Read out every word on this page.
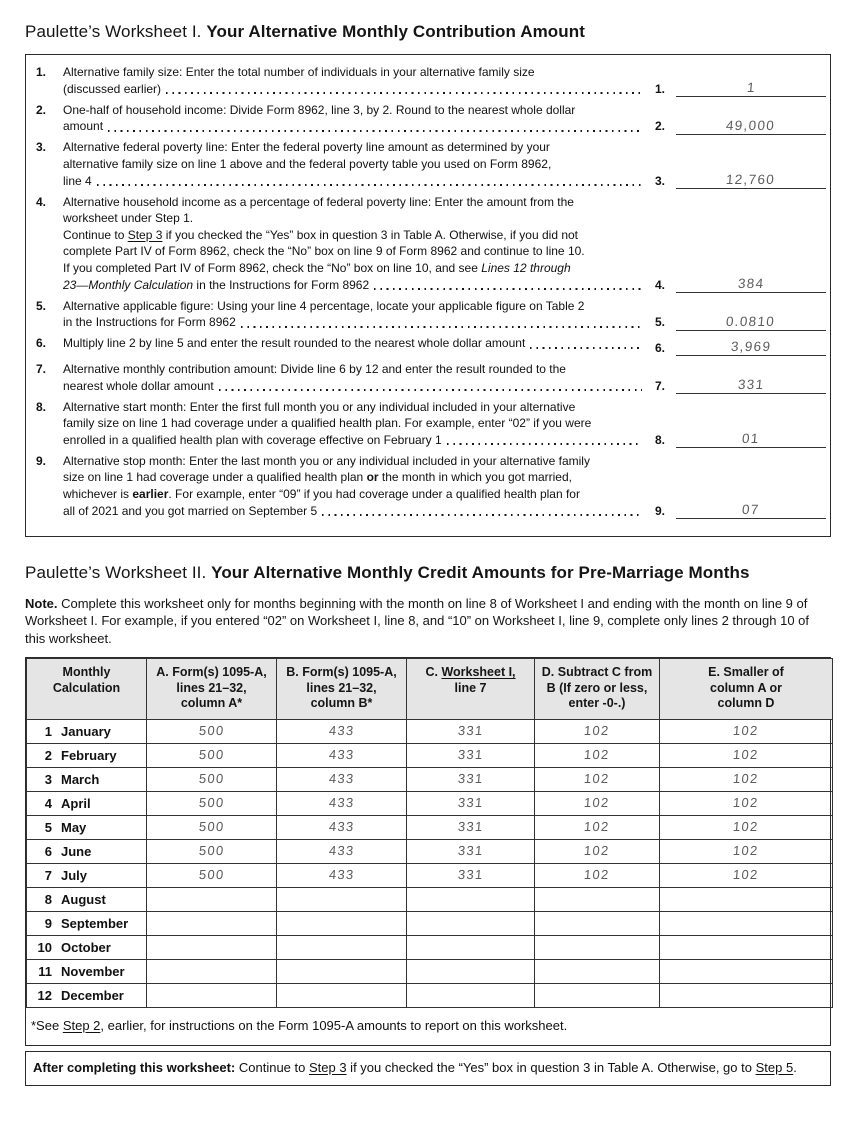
Paulette’s Worksheet I. Your Alternative Monthly Contribution Amount
1.	Alternative family size: Enter the total number of individuals in your alternative family size
(discussed earlier)	1.	1
2.	One-half of household income: Divide Form 8962, line 3, by 2. Round to the nearest whole dollar
amount	2.	49,000
3.	Alternative federal poverty line: Enter the federal poverty line amount as determined by your
alternative family size on line 1 above and the federal poverty table you used on Form 8962,
line 4	3.	12,760
4.	Alternative household income as a percentage of federal poverty line: Enter the amount from the
worksheet under Step 1.
Continue to Step 3 if you checked the “Yes” box in question 3 in Table A. Otherwise, if you did not
complete Part IV of Form 8962, check the “No” box on line 9 of Form 8962 and continue to line 10.
If you completed Part IV of Form 8962, check the “No” box on line 10, and see Lines 12 through
23—Monthly Calculation in the Instructions for Form 8962	4.	384
5.	Alternative applicable figure: Using your line 4 percentage, locate your applicable figure on Table 2
in the Instructions for Form 8962	5.	0.0810
6.	Multiply line 2 by line 5 and enter the result rounded to the nearest whole dollar amount	6.	3,969
7.	Alternative monthly contribution amount: Divide line 6 by 12 and enter the result rounded to the
nearest whole dollar amount	7.	331
8.	Alternative start month: Enter the first full month you or any individual included in your alternative
family size on line 1 had coverage under a qualified health plan. For example, enter “02” if you were
enrolled in a qualified health plan with coverage effective on February 1	8.	01
9.	Alternative stop month: Enter the last month you or any individual included in your alternative family
size on line 1 had coverage under a qualified health plan or the month in which you got married,
whichever is earlier. For example, enter “09” if you had coverage under a qualified health plan for
all of 2021 and you got married on September 5	9.	07
Paulette’s Worksheet II. Your Alternative Monthly Credit Amounts for Pre-Marriage Months

Note. Complete this worksheet only for months beginning with the month on line 8 of Worksheet I and ending with the month on line 9 of Worksheet I. For example, if you entered “02” on Worksheet I, line 8, and “10” on Worksheet I, line 9, complete only lines 2 through 10 of this worksheet.

Monthly
Calculation

A. Form(s) 1095-A,
lines 21–32,
column A*

B. Form(s) 1095-A,
lines 21–32,
column B*

C. Worksheet I,
line 7

D. Subtract C from
B (If zero or less,
enter -0-.)

E. Smaller of
column A or
column D

1 January	500	433	331	102	102
2 February	500	433	331	102	102
3 March	500	433	331	102	102
4 April	500	433	331	102	102
5 May	500	433	331	102	102
6 June	500	433	331	102	102
7 July	500	433	331	102	102
8 August					
9 September					
10 October					
11 November					
12 December					
*See Step 2, earlier, for instructions on the Form 1095-A amounts to report on this worksheet.
After completing this worksheet: Continue to Step 3 if you checked the “Yes” box in question 3 in Table A. Otherwise, go to Step 5.
